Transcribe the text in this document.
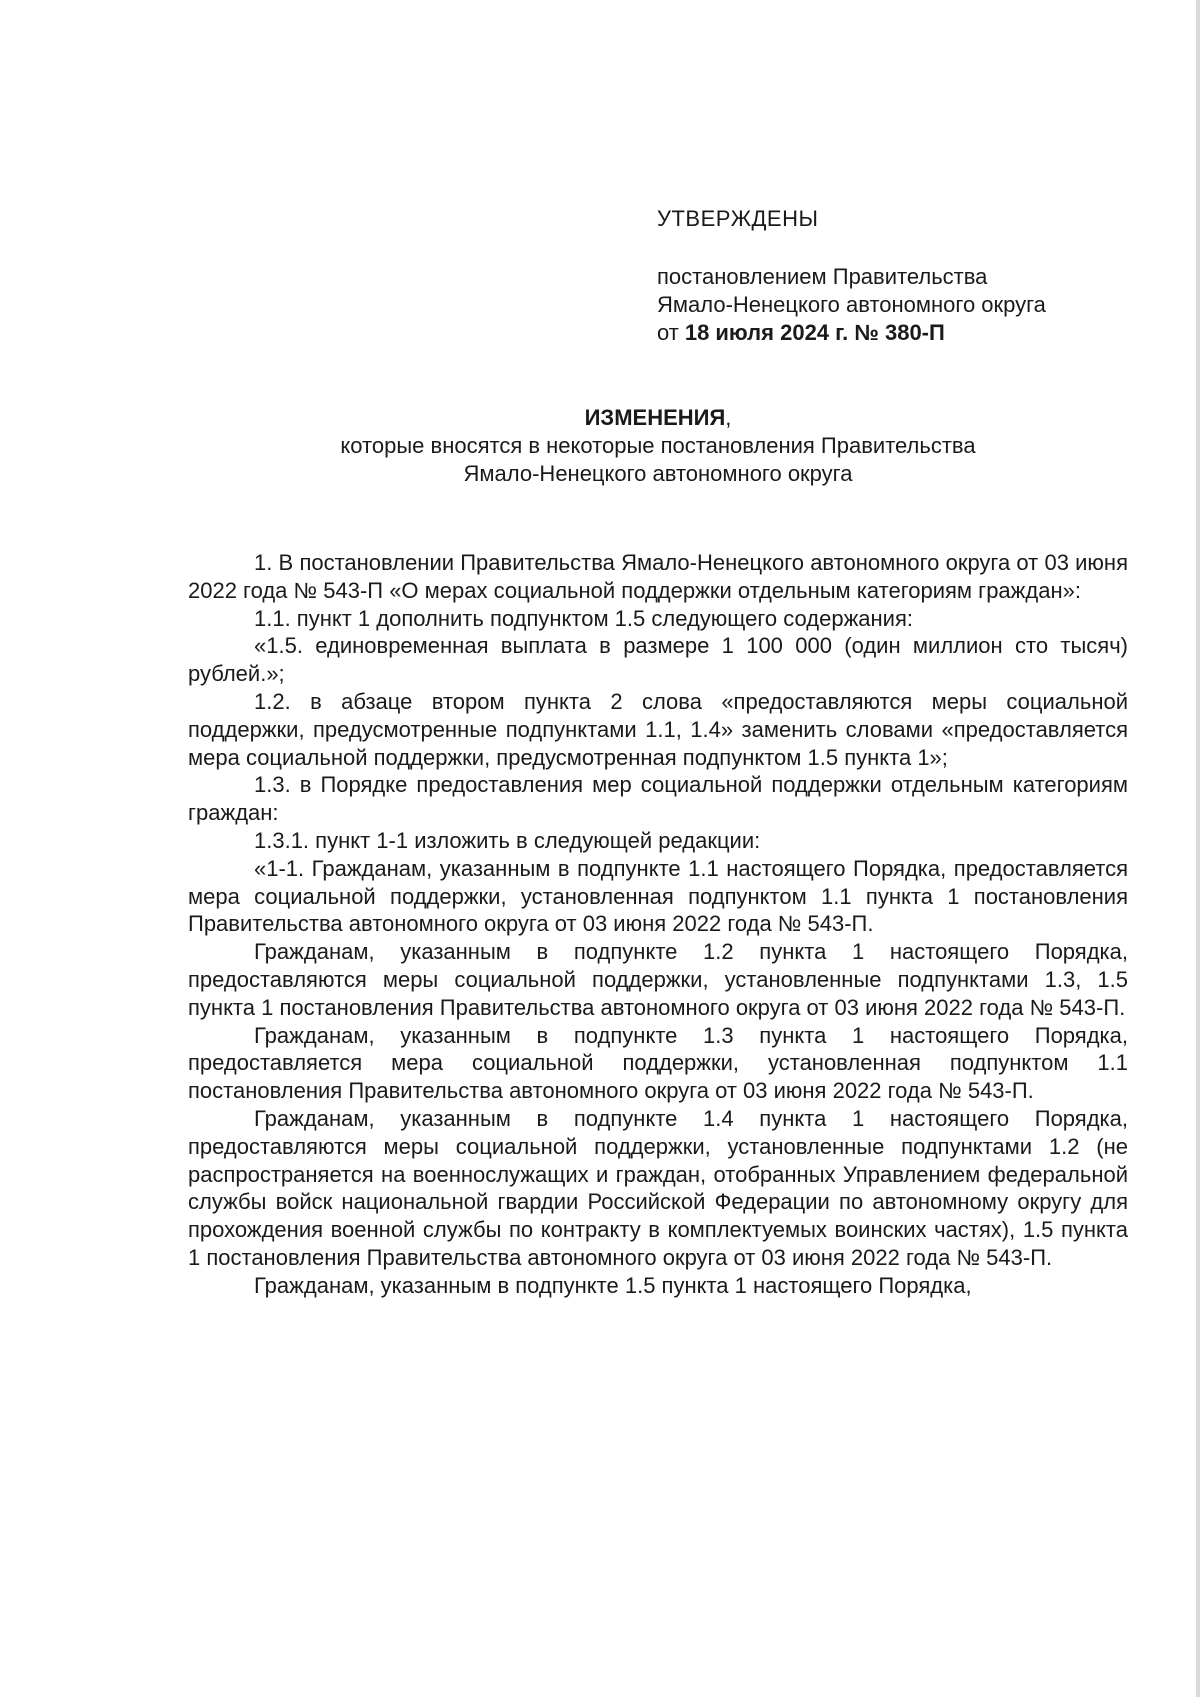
УТВЕРЖДЕНЫ
постановлением Правительства
Ямало-Ненецкого автономного округа
от 18 июля 2024 г. № 380-П
ИЗМЕНЕНИЯ,
которые вносятся в некоторые постановления Правительства
Ямало-Ненецкого автономного округа

1. В постановлении Правительства Ямало-Ненецкого автономного округа от 03 июня 2022 года № 543-П «О мерах социальной поддержки отдельным категориям граждан»:

1.1. пункт 1 дополнить подпунктом 1.5 следующего содержания:

«1.5. единовременная выплата в размере 1 100 000 (один миллион сто тысяч) рублей.»;

1.2. в абзаце втором пункта 2 слова «предоставляются меры социальной поддержки, предусмотренные подпунктами 1.1, 1.4» заменить словами «предоставляется мера социальной поддержки, предусмотренная подпунктом 1.5 пункта 1»;

1.3. в Порядке предоставления мер социальной поддержки отдельным категориям граждан:

1.3.1. пункт 1-1 изложить в следующей редакции:

«1-1. Гражданам, указанным в подпункте 1.1 настоящего Порядка, предоставляется мера социальной поддержки, установленная подпунктом 1.1 пункта 1 постановления Правительства автономного округа от 03 июня 2022 года № 543-П.

Гражданам, указанным в подпункте 1.2 пункта 1 настоящего Порядка, предоставляются меры социальной поддержки, установленные подпунктами 1.3, 1.5 пункта 1 постановления Правительства автономного округа от 03 июня 2022 года № 543-П.

Гражданам, указанным в подпункте 1.3 пункта 1 настоящего Порядка, предоставляется мера социальной поддержки, установленная подпунктом 1.1 постановления Правительства автономного округа от 03 июня 2022 года № 543-П.

Гражданам, указанным в подпункте 1.4 пункта 1 настоящего Порядка, предоставляются меры социальной поддержки, установленные подпунктами 1.2 (не распространяется на военнослужащих и граждан, отобранных Управлением федеральной службы войск национальной гвардии Российской Федерации по автономному округу для прохождения военной службы по контракту в комплектуемых воинских частях), 1.5 пункта 1 постановления Правительства автономного округа от 03 июня 2022 года № 543-П.

Гражданам, указанным в подпункте 1.5 пункта 1 настоящего Порядка,
